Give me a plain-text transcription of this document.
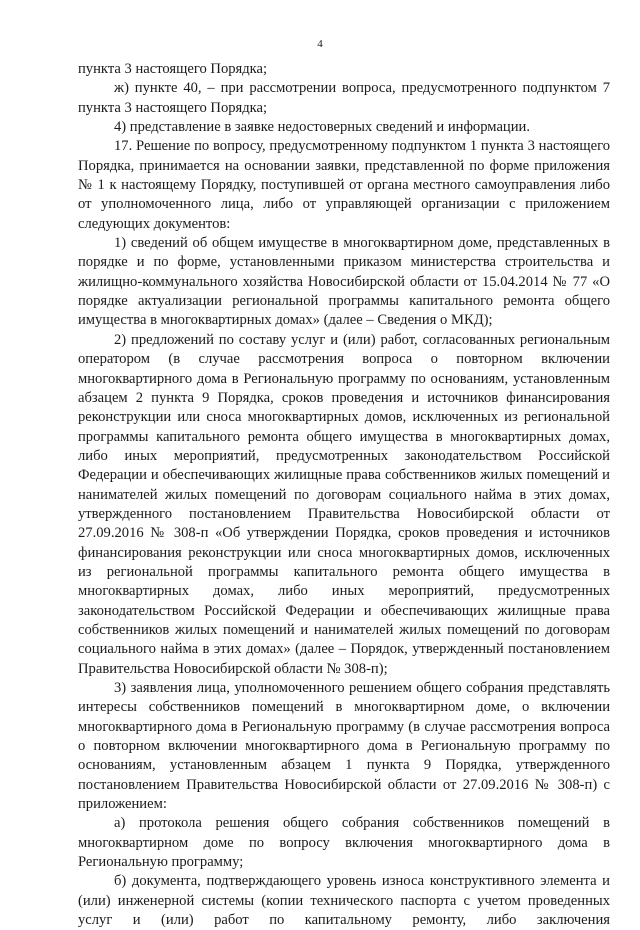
4

пункта 3 настоящего Порядка;

ж) пункте 40, – при рассмотрении вопроса, предусмотренного подпунктом 7 пункта 3 настоящего Порядка;

4) представление в заявке недостоверных сведений и информации.

17. Решение по вопросу, предусмотренному подпунктом 1 пункта 3 настоящего Порядка, принимается на основании заявки, представленной по форме приложения № 1 к настоящему Порядку, поступившей от органа местного самоуправления либо от уполномоченного лица, либо от управляющей организации с приложением следующих документов:

1) сведений об общем имуществе в многоквартирном доме, представленных в порядке и по форме, установленными приказом министерства строительства и жилищно-коммунального хозяйства Новосибирской области от 15.04.2014 № 77 «О порядке актуализации региональной программы капитального ремонта общего имущества в многоквартирных домах» (далее – Сведения о МКД);

2) предложений по составу услуг и (или) работ, согласованных региональным оператором (в случае рассмотрения вопроса о повторном включении многоквартирного дома в Региональную программу по основаниям, установленным абзацем 2 пункта 9 Порядка, сроков проведения и источников финансирования реконструкции или сноса многоквартирных домов, исключенных из региональной программы капитального ремонта общего имущества в многоквартирных домах, либо иных мероприятий, предусмотренных законодательством Российской Федерации и обеспечивающих жилищные права собственников жилых помещений и нанимателей жилых помещений по договорам социального найма в этих домах, утвержденного постановлением Правительства Новосибирской области от 27.09.2016 № 308-п «Об утверждении Порядка, сроков проведения и источников финансирования реконструкции или сноса многоквартирных домов, исключенных из региональной программы капитального ремонта общего имущества в многоквартирных домах, либо иных мероприятий, предусмотренных законодательством Российской Федерации и обеспечивающих жилищные права собственников жилых помещений и нанимателей жилых помещений по договорам социального найма в этих домах» (далее – Порядок, утвержденный постановлением Правительства Новосибирской области № 308-п);

3) заявления лица, уполномоченного решением общего собрания представлять интересы собственников помещений в многоквартирном доме, о включении многоквартирного дома в Региональную программу (в случае рассмотрения вопроса о повторном включении многоквартирного дома в Региональную программу по основаниям, установленным абзацем 1 пункта 9 Порядка, утвержденного постановлением Правительства Новосибирской области от 27.09.2016 № 308-п) с приложением:

а) протокола решения общего собрания собственников помещений в многоквартирном доме по вопросу включения многоквартирного дома в Региональную программу;

б) документа, подтверждающего уровень износа конструктивного элемента и (или) инженерной системы (копии технического паспорта с учетом проведенных услуг и (или) работ по капитальному ремонту, либо заключения
